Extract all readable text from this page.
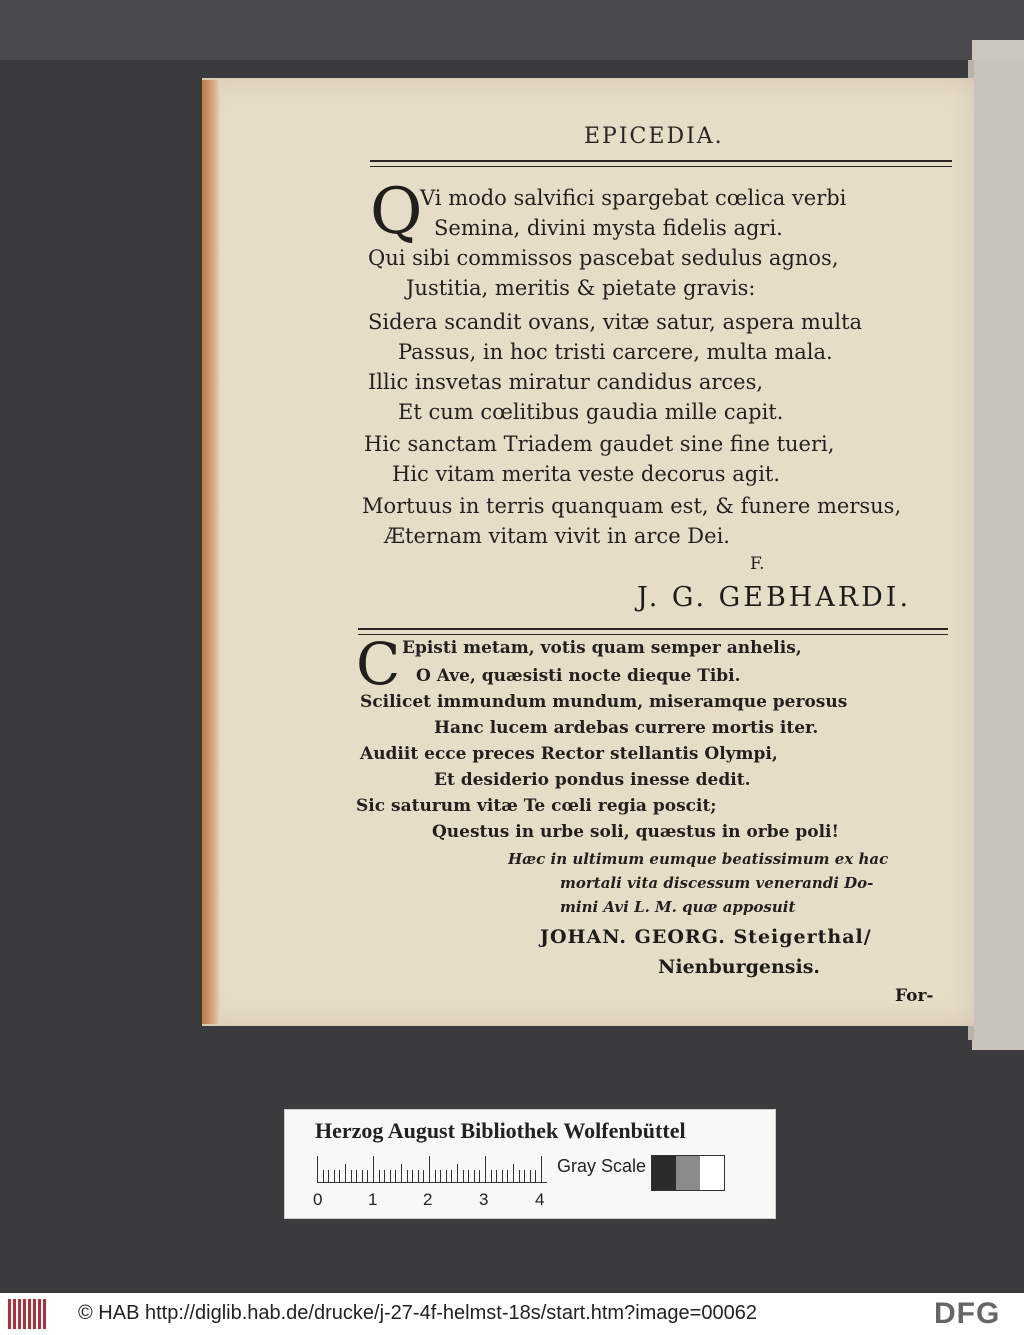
EPICEDIA.
Q
Vi modo salvifici spargebat cœlica verbi
Semina, divini mysta fidelis agri.
Qui sibi commissos pascebat sedulus agnos,
Justitia, meritis & pietate gravis:
Sidera scandit ovans, vitæ satur, aspera multa
Passus, in hoc tristi carcere, multa mala.
Illic insvetas miratur candidus arces,
Et cum cœlitibus gaudia mille capit.
Hic sanctam Triadem gaudet sine fine tueri,
Hic vitam merita veste decorus agit.
Mortuus in terris quanquam est, & funere mersus,
Æternam vitam vivit in arce Dei.
F.
J. G. GEBHARDI.
C Episti metam, votis quam semper anhelis,
O Ave, quæsisti nocte dieque Tibi.
Scilicet immundum mundum, miseramque perosus
Hanc lucem ardebas currere mortis iter.
Audiit ecce preces Rector stellantis Olympi,
Et desiderio pondus inesse dedit.
Sic saturum vitæ Te cœli regia poscit;
Questus in urbe soli, quæstus in orbe poli!
Hæc in ultimum eumque beatissimum ex hac
mortali vita discessum venerandi Do-
mini Avi L. M. quæ apposuit
JOHAN. GEORG. Steigerthal/
Nienburgensis.
For-
Herzog August Bibliothek Wolfenbüttel
0	1	2	3	4
Gray Scale
© HAB http://diglib.hab.de/drucke/j-27-4f-helmst-18s/start.htm?image=00062	DFG
